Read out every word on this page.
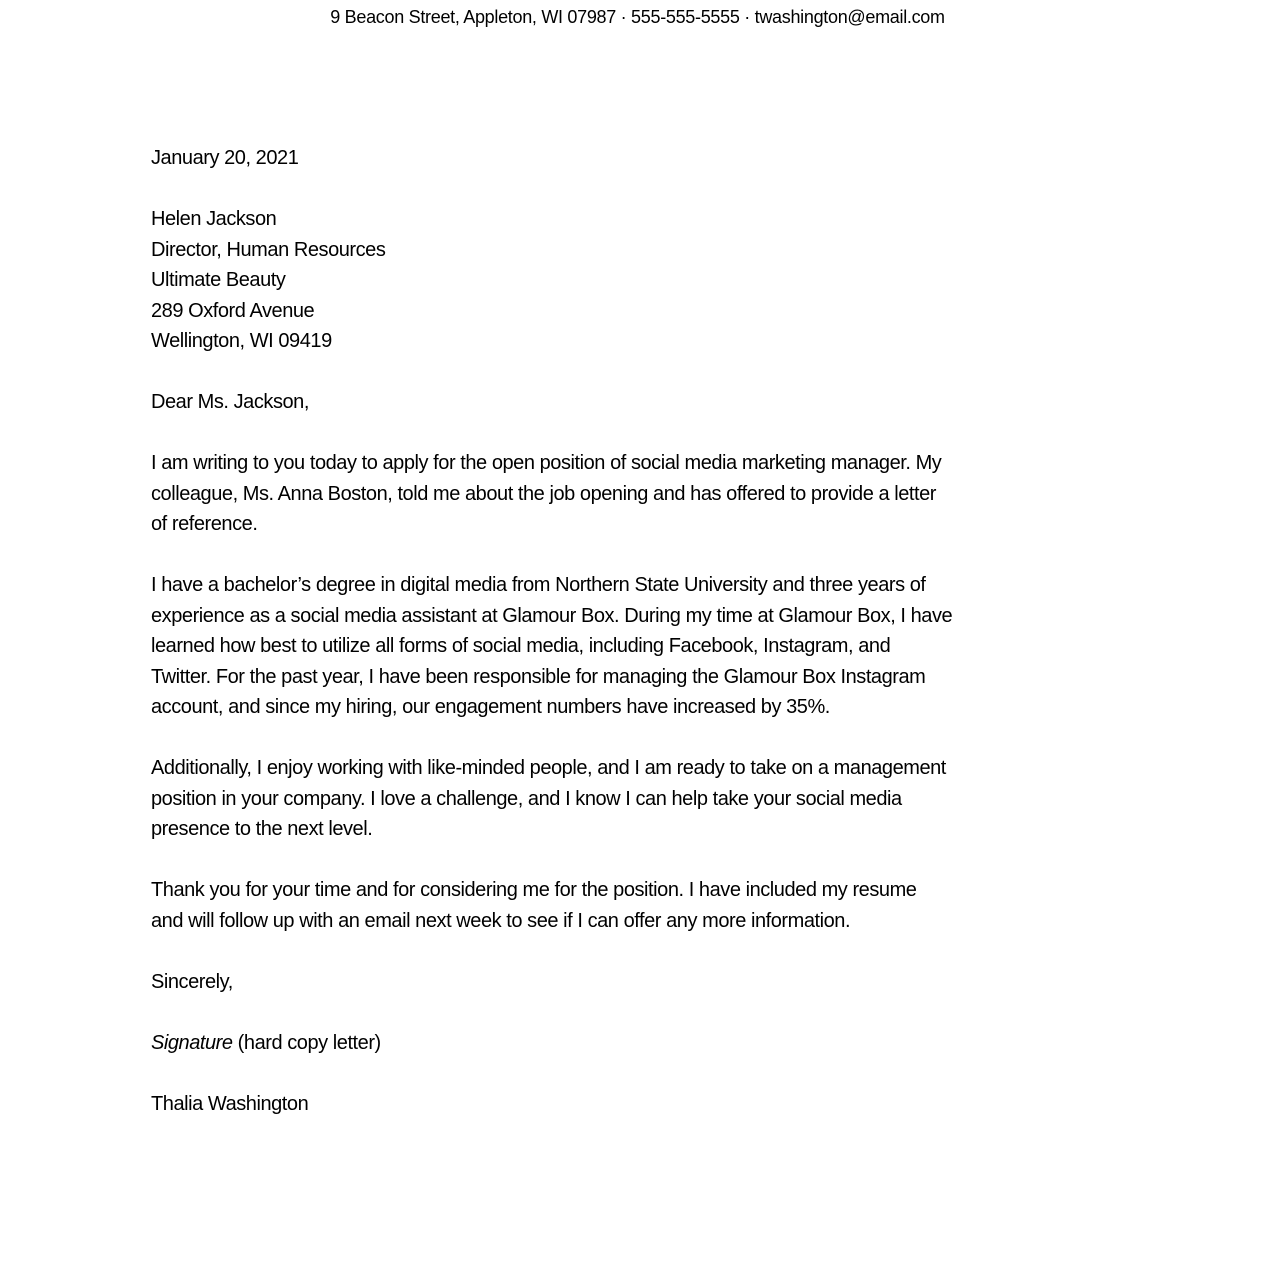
9 Beacon Street, Appleton, WI 07987 · 555-555-5555 · twashington@email.com
January 20, 2021
Helen Jackson
Director, Human Resources
Ultimate Beauty
289 Oxford Avenue
Wellington, WI 09419
Dear Ms. Jackson,
I am writing to you today to apply for the open position of social media marketing manager. My
colleague, Ms. Anna Boston, told me about the job opening and has offered to provide a letter
of reference.
I have a bachelor’s degree in digital media from Northern State University and three years of
experience as a social media assistant at Glamour Box. During my time at Glamour Box, I have
learned how best to utilize all forms of social media, including Facebook, Instagram, and
Twitter. For the past year, I have been responsible for managing the Glamour Box Instagram
account, and since my hiring, our engagement numbers have increased by 35%.
Additionally, I enjoy working with like-minded people, and I am ready to take on a management
position in your company. I love a challenge, and I know I can help take your social media
presence to the next level.
Thank you for your time and for considering me for the position. I have included my resume
and will follow up with an email next week to see if I can offer any more information.
Sincerely,
Signature (hard copy letter)
Thalia Washington
